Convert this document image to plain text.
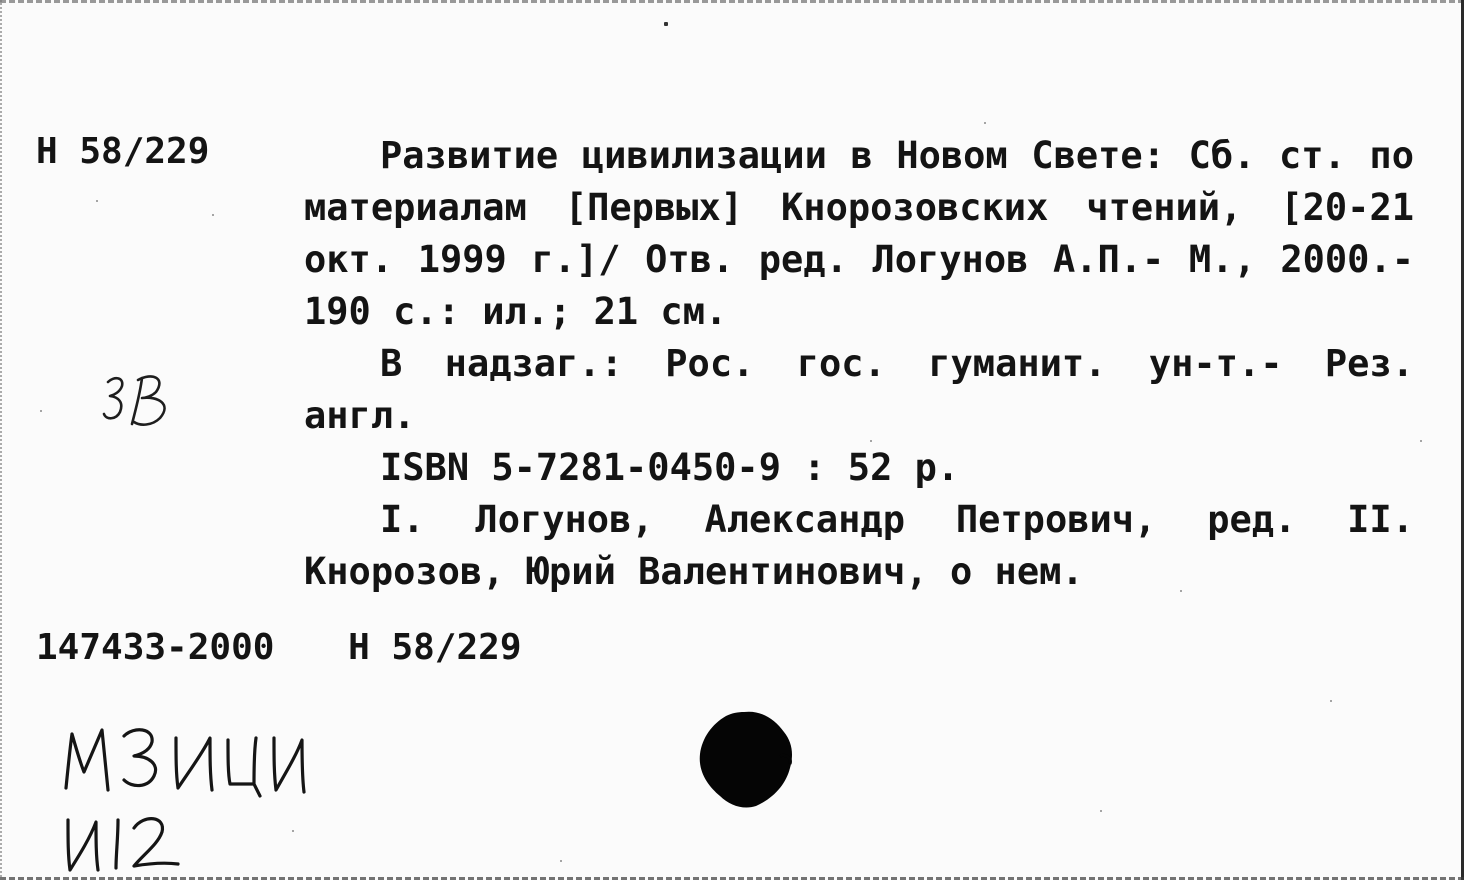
H 58/229	Развитие цивилизации в Новом Свете: Сб. ст. по материалам [Первых] Кнорозовских чтений, [20-21 окт. 1999 г.]/ Отв. ред. Логунов А.П.- М., 2000.- 190 с.: ил.; 21 см.

В надзаг.: Рос. гос. гуманит. ун-т.- Рез. англ.

ISBN 5-7281-0450-9 : 52 р.

I. Логунов, Александр Петрович, ред. II. Кнорозов, Юрий Валентинович, о нем.

147433-2000 H 58/229
